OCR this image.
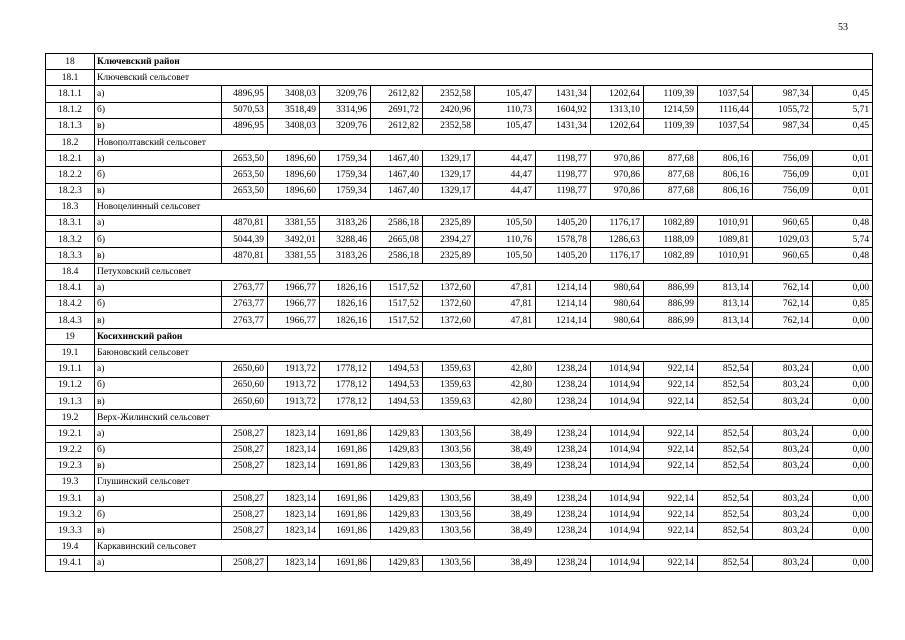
53
18	Ключевский район												
18.1	Ключевский сельсовет												
18.1.1	а)	4896,95	3408,03	3209,76	2612,82	2352,58	105,47	1431,34	1202,64	1109,39	1037,54	987,34	0,45
18.1.2	б)	5070,53	3518,49	3314,96	2691,72	2420,96	110,73	1604,92	1313,10	1214,59	1116,44	1055,72	5,71
18.1.3	в)	4896,95	3408,03	3209,76	2612,82	2352,58	105,47	1431,34	1202,64	1109,39	1037,54	987,34	0,45
18.2	Новополтавский сельсовет												
18.2.1	а)	2653,50	1896,60	1759,34	1467,40	1329,17	44,47	1198,77	970,86	877,68	806,16	756,09	0,01
18.2.2	б)	2653,50	1896,60	1759,34	1467,40	1329,17	44,47	1198,77	970,86	877,68	806,16	756,09	0,01
18.2.3	в)	2653,50	1896,60	1759,34	1467,40	1329,17	44,47	1198,77	970,86	877,68	806,16	756,09	0,01
18.3	Новоцелинный сельсовет												
18.3.1	а)	4870,81	3381,55	3183,26	2586,18	2325,89	105,50	1405,20	1176,17	1082,89	1010,91	960,65	0,48
18.3.2	б)	5044,39	3492,01	3288,46	2665,08	2394,27	110,76	1578,78	1286,63	1188,09	1089,81	1029,03	5,74
18.3.3	в)	4870,81	3381,55	3183,26	2586,18	2325,89	105,50	1405,20	1176,17	1082,89	1010,91	960,65	0,48
18.4	Петуховский сельсовет												
18.4.1	а)	2763,77	1966,77	1826,16	1517,52	1372,60	47,81	1214,14	980,64	886,99	813,14	762,14	0,00
18.4.2	б)	2763,77	1966,77	1826,16	1517,52	1372,60	47,81	1214,14	980,64	886,99	813,14	762,14	0,85
18.4.3	в)	2763,77	1966,77	1826,16	1517,52	1372,60	47,81	1214,14	980,64	886,99	813,14	762,14	0,00
19	Косихинский район												
19.1	Баюновский сельсовет												
19.1.1	а)	2650,60	1913,72	1778,12	1494,53	1359,63	42,80	1238,24	1014,94	922,14	852,54	803,24	0,00
19.1.2	б)	2650,60	1913,72	1778,12	1494,53	1359,63	42,80	1238,24	1014,94	922,14	852,54	803,24	0,00
19.1.3	в)	2650,60	1913,72	1778,12	1494,53	1359,63	42,80	1238,24	1014,94	922,14	852,54	803,24	0,00
19.2	Верх-Жилинский сельсовет												
19.2.1	а)	2508,27	1823,14	1691,86	1429,83	1303,56	38,49	1238,24	1014,94	922,14	852,54	803,24	0,00
19.2.2	б)	2508,27	1823,14	1691,86	1429,83	1303,56	38,49	1238,24	1014,94	922,14	852,54	803,24	0,00
19.2.3	в)	2508,27	1823,14	1691,86	1429,83	1303,56	38,49	1238,24	1014,94	922,14	852,54	803,24	0,00
19.3	Глушинский сельсовет												
19.3.1	а)	2508,27	1823,14	1691,86	1429,83	1303,56	38,49	1238,24	1014,94	922,14	852,54	803,24	0,00
19.3.2	б)	2508,27	1823,14	1691,86	1429,83	1303,56	38,49	1238,24	1014,94	922,14	852,54	803,24	0,00
19.3.3	в)	2508,27	1823,14	1691,86	1429,83	1303,56	38,49	1238,24	1014,94	922,14	852,54	803,24	0,00
19.4	Каркавинский сельсовет												
19.4.1	а)	2508,27	1823,14	1691,86	1429,83	1303,56	38,49	1238,24	1014,94	922,14	852,54	803,24	0,00
